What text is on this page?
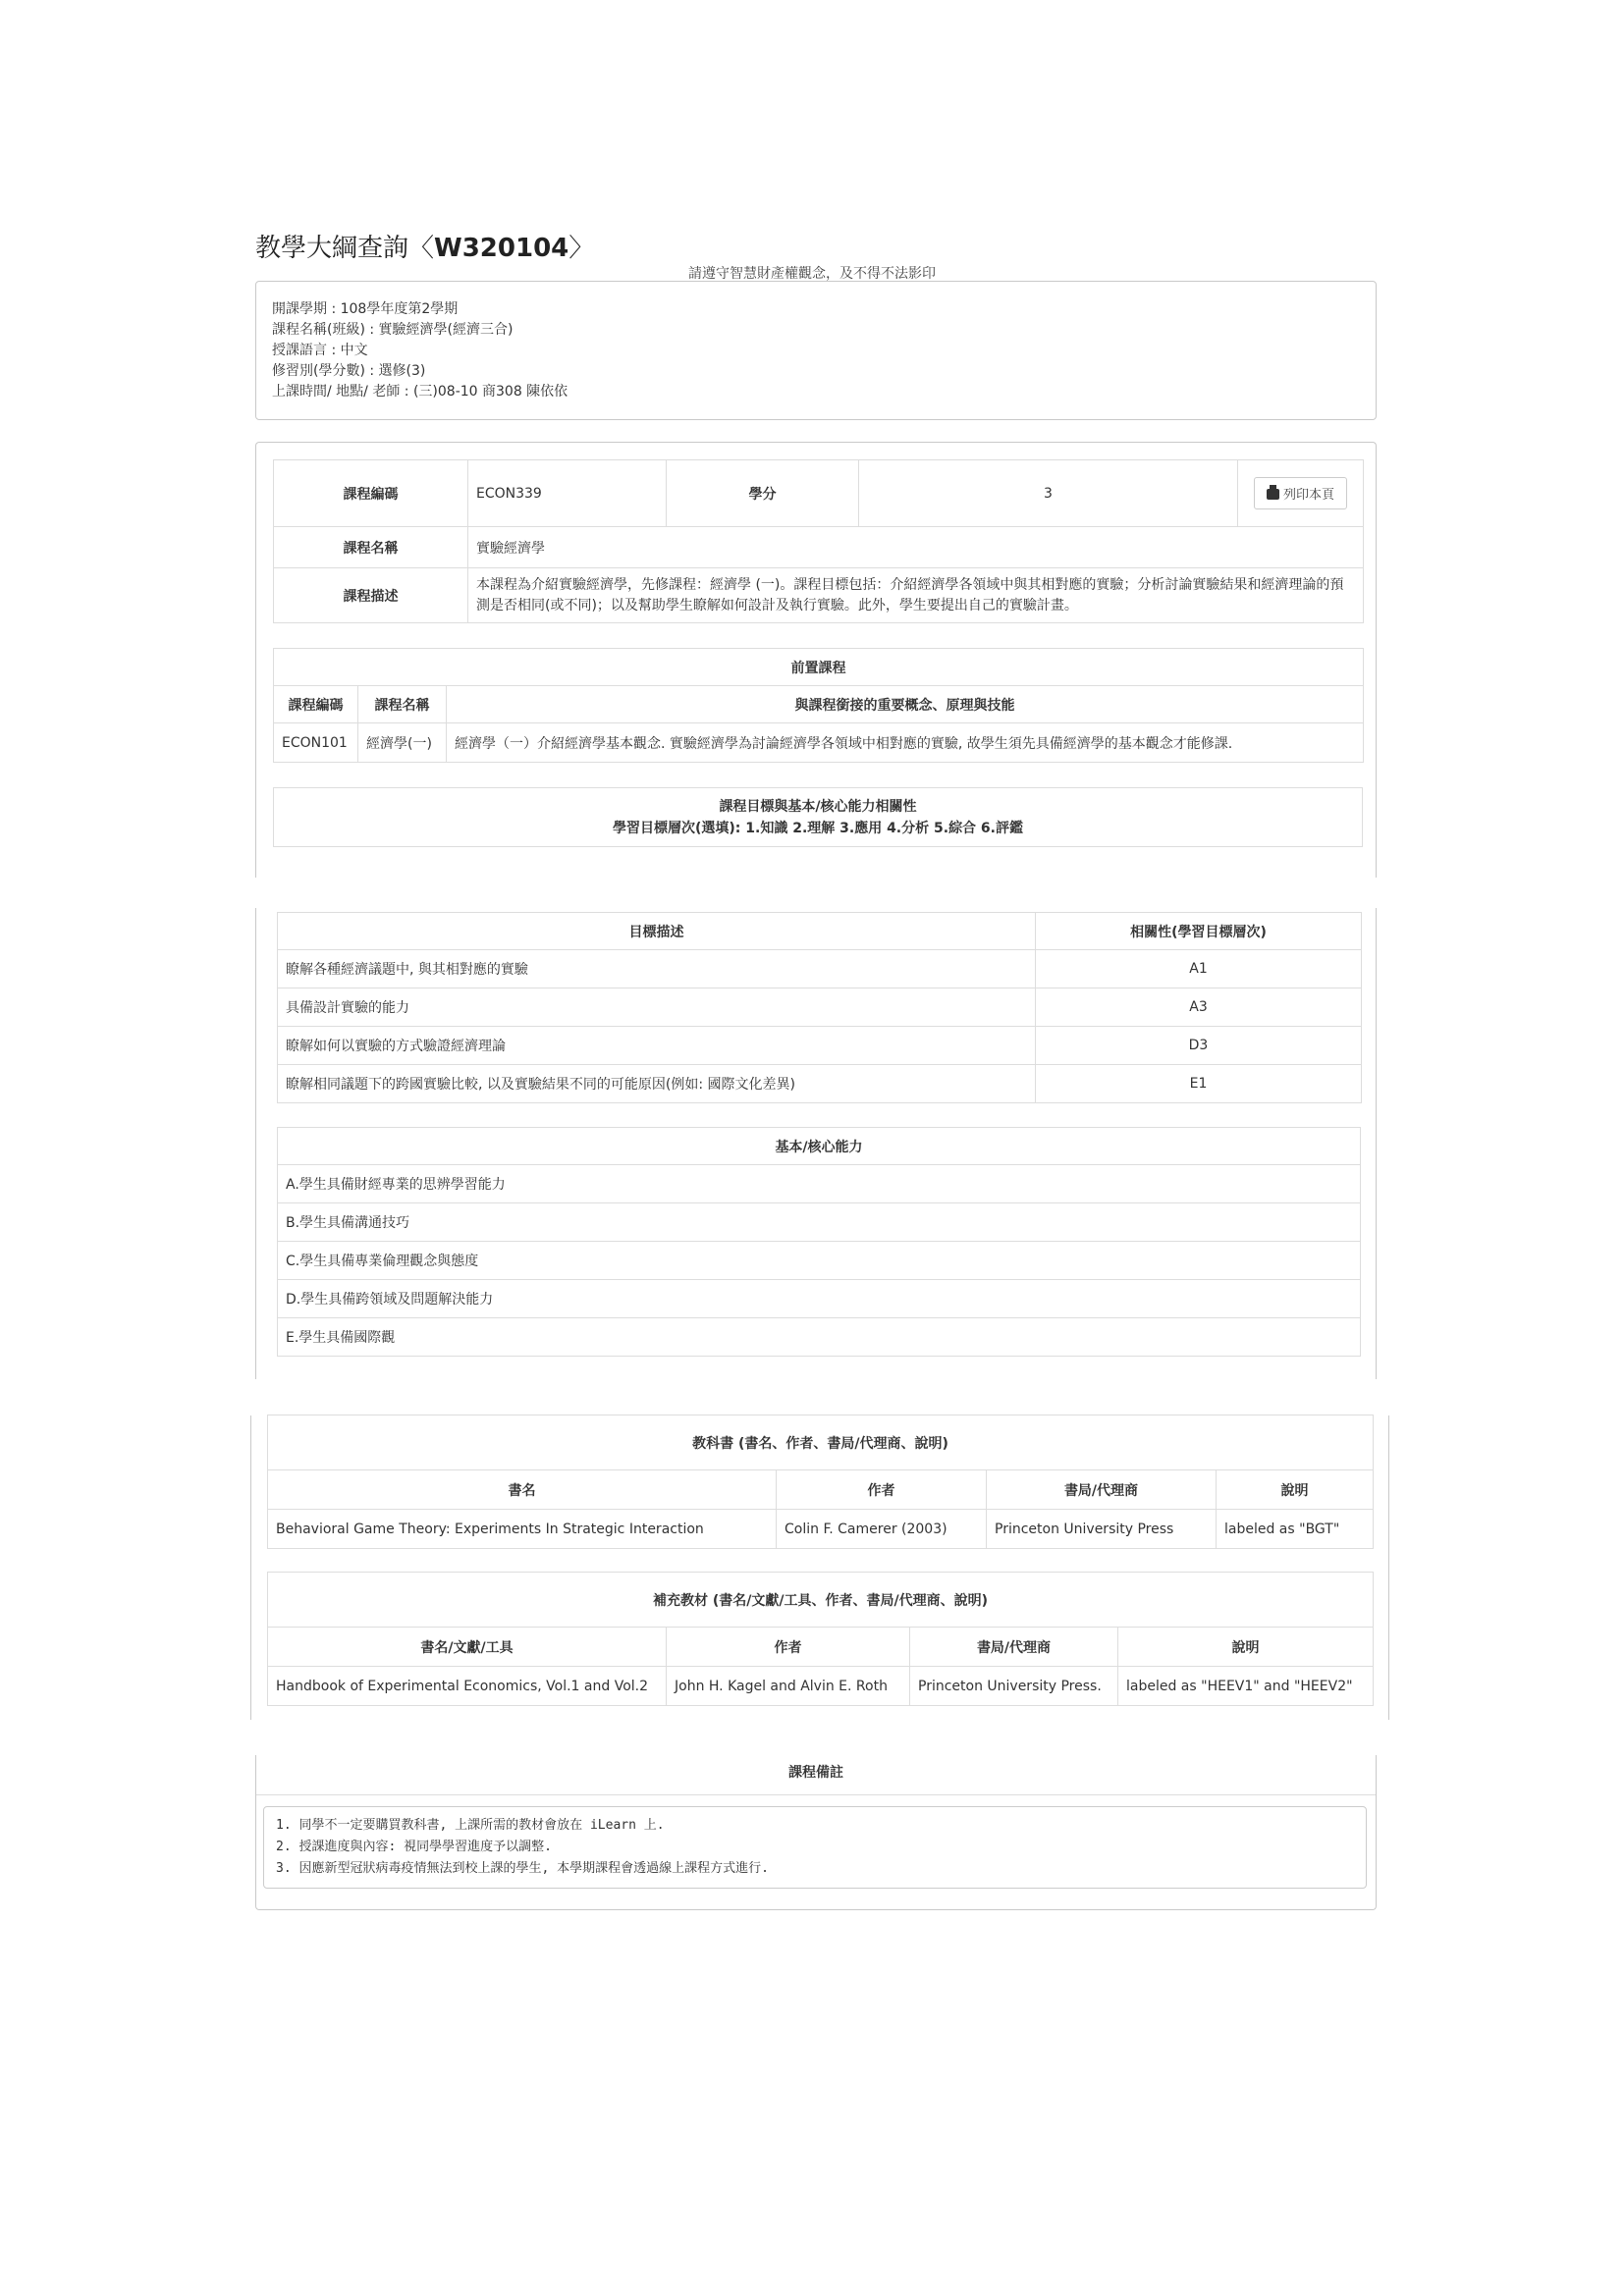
教學大綱查詢〈W320104〉
請遵守智慧財產權觀念，及不得不法影印
開課學期 : 108學年度第2學期
課程名稱(班級) : 實驗經濟學(經濟三合)
授課語言 : 中文
修習別(學分數) : 選修(3)
上課時間/ 地點/ 老師 : (三)08-10 商308 陳依依
課程編碼	ECON339	學分	3	列印本頁
課程名稱	實驗經濟學			
課程描述	本課程為介紹實驗經濟學，先修課程：經濟學 (一)。課程目標包括：介紹經濟學各領域中與其相對應的實驗；分析討論實驗結果和經濟理論的預測是否相同(或不同)；以及幫助學生瞭解如何設計及執行實驗。此外，學生要提出自己的實驗計畫。			
前置課程		
課程編碼	課程名稱	與課程銜接的重要概念、原理與技能
ECON101	經濟學(一)	經濟學（一）介紹經濟學基本觀念. 實驗經濟學為討論經濟學各領域中相對應的實驗, 故學生須先具備經濟學的基本觀念才能修課.
課程目標與基本/核心能力相關性
學習目標層次(選填): 1.知識 2.理解 3.應用 4.分析 5.綜合 6.評鑑
目標描述	相關性(學習目標層次)
瞭解各種經濟議題中, 與其相對應的實驗	A1
具備設計實驗的能力	A3
瞭解如何以實驗的方式驗證經濟理論	D3
瞭解相同議題下的跨國實驗比較, 以及實驗結果不同的可能原因(例如: 國際文化差異)	E1
基本/核心能力
A.學生具備財經專業的思辨學習能力
B.學生具備溝通技巧
C.學生具備專業倫理觀念與態度
D.學生具備跨領域及問題解決能力
E.學生具備國際觀
教科書 (書名、作者、書局/代理商、說明)			
書名	作者	書局/代理商	說明
Behavioral Game Theory: Experiments In Strategic Interaction	Colin F. Camerer (2003)	Princeton University Press	labeled as "BGT"
補充教材 (書名/文獻/工具、作者、書局/代理商、說明)			
書名/文獻/工具	作者	書局/代理商	說明
Handbook of Experimental Economics, Vol.1 and Vol.2	John H. Kagel and Alvin E. Roth	Princeton University Press.	labeled as "HEEV1" and "HEEV2"
課程備註
1. 同學不一定要購買教科書, 上課所需的教材會放在 iLearn 上.
2. 授課進度與內容: 視同學學習進度予以調整.
3. 因應新型冠狀病毒疫情無法到校上課的學生, 本學期課程會透過線上課程方式進行.
